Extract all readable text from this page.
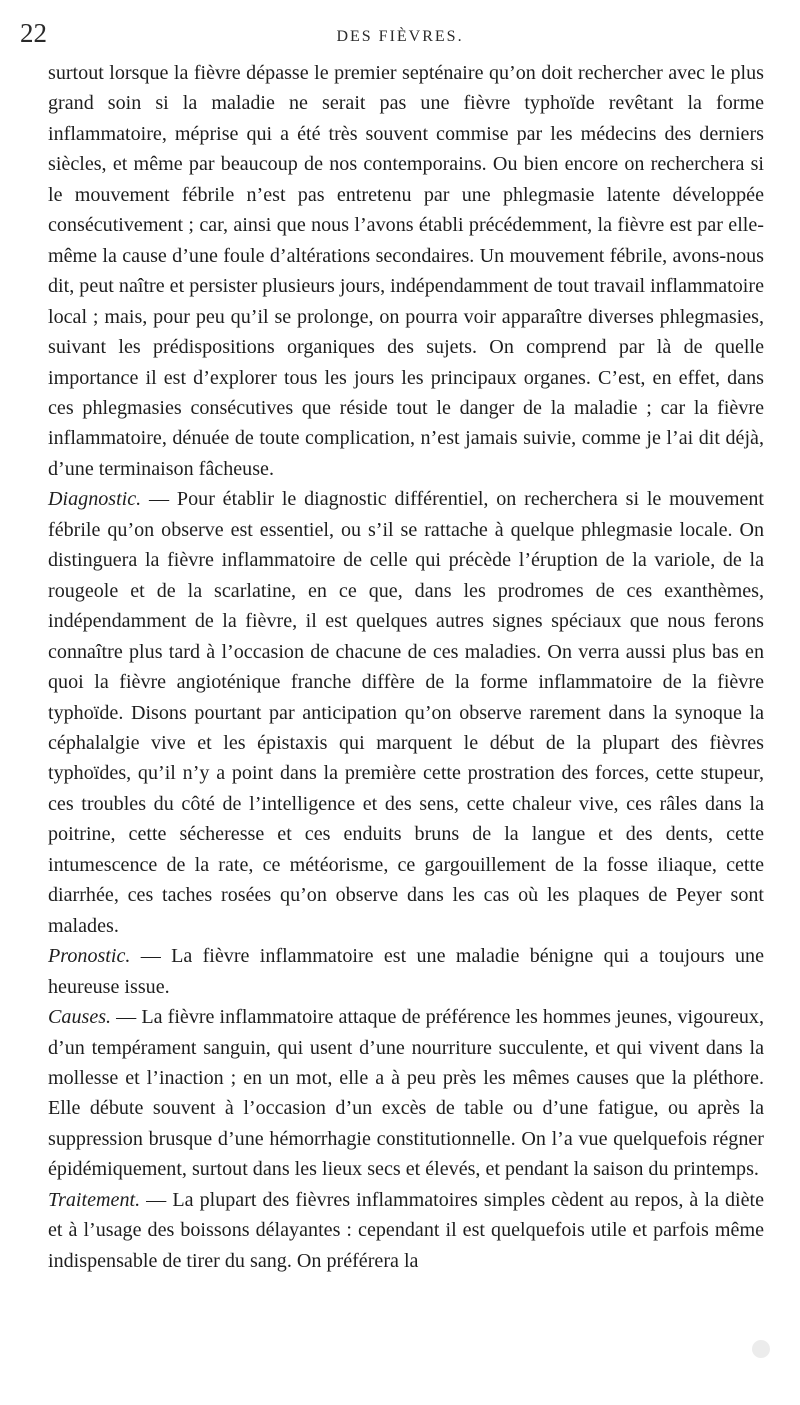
22	DES FIÈVRES.

surtout lorsque la fièvre dépasse le premier septénaire qu’on doit rechercher avec le plus grand soin si la maladie ne serait pas une fièvre typhoïde revêtant la forme inflammatoire, méprise qui a été très souvent commise par les médecins des derniers siècles, et même par beaucoup de nos contemporains. Ou bien encore on recherchera si le mouvement fébrile n’est pas entretenu par une phlegmasie latente développée consécutivement ; car, ainsi que nous l’avons établi précédemment, la fièvre est par elle-même la cause d’une foule d’altérations secondaires. Un mouvement fébrile, avons-nous dit, peut naître et persister plusieurs jours, indépendamment de tout travail inflammatoire local ; mais, pour peu qu’il se prolonge, on pourra voir apparaître diverses phlegmasies, suivant les prédispositions organiques des sujets. On comprend par là de quelle importance il est d’explorer tous les jours les principaux organes. C’est, en effet, dans ces phlegmasies consécutives que réside tout le danger de la maladie ; car la fièvre inflammatoire, dénuée de toute complication, n’est jamais suivie, comme je l’ai dit déjà, d’une terminaison fâcheuse.

Diagnostic. — Pour établir le diagnostic différentiel, on recherchera si le mouvement fébrile qu’on observe est essentiel, ou s’il se rattache à quelque phlegmasie locale. On distinguera la fièvre inflammatoire de celle qui précède l’éruption de la variole, de la rougeole et de la scarlatine, en ce que, dans les prodromes de ces exanthèmes, indépendamment de la fièvre, il est quelques autres signes spéciaux que nous ferons connaître plus tard à l’occasion de chacune de ces maladies. On verra aussi plus bas en quoi la fièvre angioténique franche diffère de la forme inflammatoire de la fièvre typhoïde. Disons pourtant par anticipation qu’on observe rarement dans la synoque la céphalalgie vive et les épistaxis qui marquent le début de la plupart des fièvres typhoïdes, qu’il n’y a point dans la première cette prostration des forces, cette stupeur, ces troubles du côté de l’intelligence et des sens, cette chaleur vive, ces râles dans la poitrine, cette sécheresse et ces enduits bruns de la langue et des dents, cette intumescence de la rate, ce météorisme, ce gargouillement de la fosse iliaque, cette diarrhée, ces taches rosées qu’on observe dans les cas où les plaques de Peyer sont malades.

Pronostic. — La fièvre inflammatoire est une maladie bénigne qui a toujours une heureuse issue.

Causes. — La fièvre inflammatoire attaque de préférence les hommes jeunes, vigoureux, d’un tempérament sanguin, qui usent d’une nourriture succulente, et qui vivent dans la mollesse et l’inaction ; en un mot, elle a à peu près les mêmes causes que la pléthore. Elle débute souvent à l’occasion d’un excès de table ou d’une fatigue, ou après la suppression brusque d’une hémorrhagie constitutionnelle. On l’a vue quelquefois régner épidémiquement, surtout dans les lieux secs et élevés, et pendant la saison du printemps.

Traitement. — La plupart des fièvres inflammatoires simples cèdent au repos, à la diète et à l’usage des boissons délayantes : cependant il est quelquefois utile et parfois même indispensable de tirer du sang. On préférera la
